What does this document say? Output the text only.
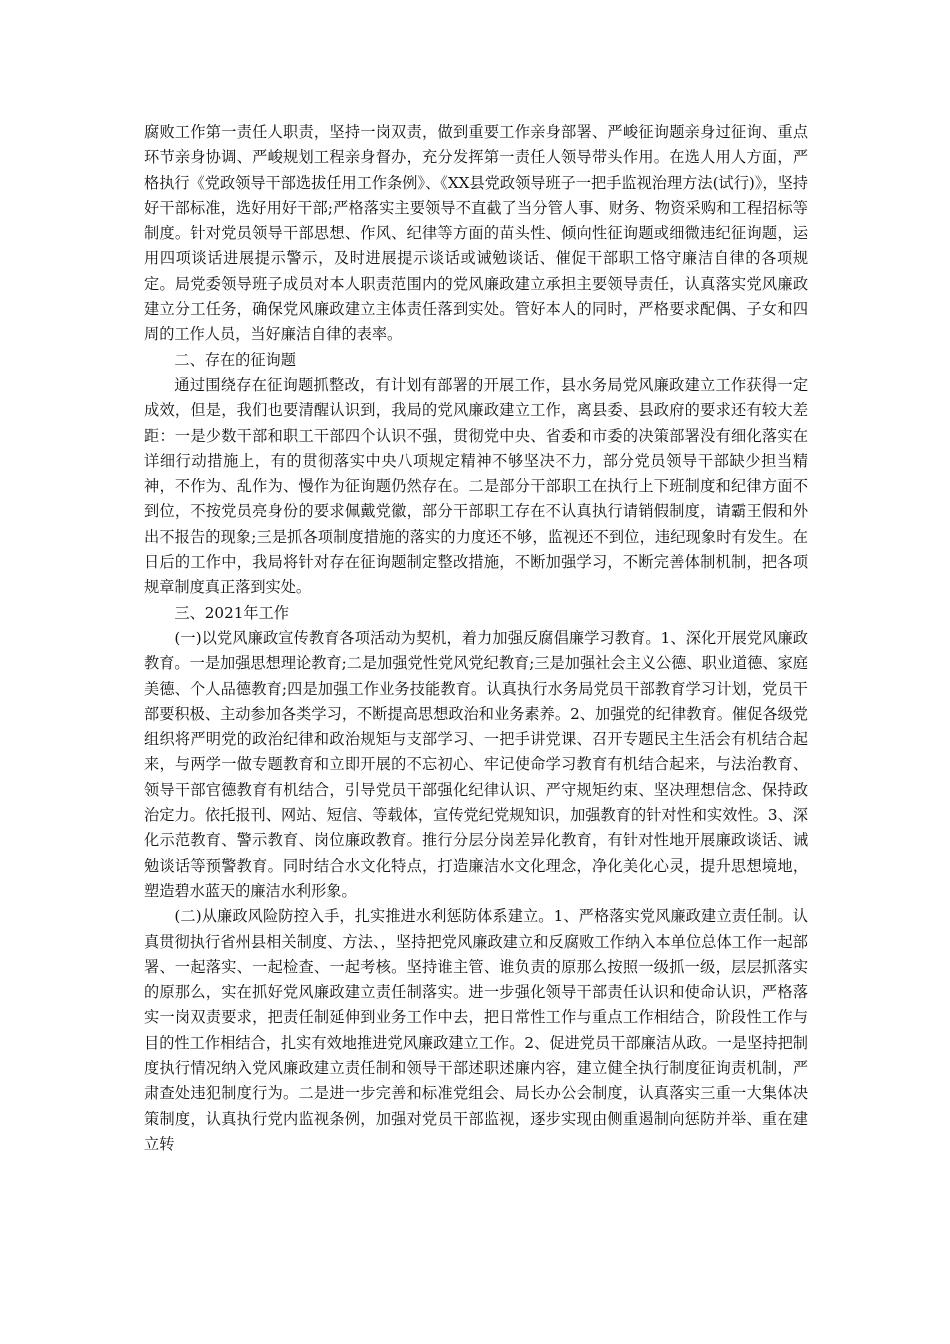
腐败工作第一责任人职责，坚持一岗双责，做到重要工作亲身部署、严峻征询题亲身过征询、重点环节亲身协调、严峻规划工程亲身督办，充分发挥第一责任人领导带头作用。在选人用人方面，严格执行《党政领导干部选拔任用工作条例》、《XX县党政领导班子一把手监视治理方法(试行)》，坚持好干部标准，选好用好干部;严格落实主要领导不直截了当分管人事、财务、物资采购和工程招标等制度。针对党员领导干部思想、作风、纪律等方面的苗头性、倾向性征询题或细微违纪征询题，运用四项谈话进展提示警示，及时进展提示谈话或诫勉谈话、催促干部职工恪守廉洁自律的各项规定。局党委领导班子成员对本人职责范围内的党风廉政建立承担主要领导责任，认真落实党风廉政建立分工任务，确保党风廉政建立主体责任落到实处。管好本人的同时，严格要求配偶、子女和四周的工作人员，当好廉洁自律的表率。

二、存在的征询题

通过围绕存在征询题抓整改，有计划有部署的开展工作，县水务局党风廉政建立工作获得一定成效，但是，我们也要清醒认识到，我局的党风廉政建立工作，离县委、县政府的要求还有较大差距：一是少数干部和职工干部四个认识不强，贯彻党中央、省委和市委的决策部署没有细化落实在详细行动措施上，有的贯彻落实中央八项规定精神不够坚决不力，部分党员领导干部缺少担当精神，不作为、乱作为、慢作为征询题仍然存在。二是部分干部职工在执行上下班制度和纪律方面不到位，不按党员亮身份的要求佩戴党徽，部分干部职工存在不认真执行请销假制度，请霸王假和外出不报告的现象;三是抓各项制度措施的落实的力度还不够，监视还不到位，违纪现象时有发生。在日后的工作中，我局将针对存在征询题制定整改措施，不断加强学习，不断完善体制机制，把各项规章制度真正落到实处。

三、2021年工作

(一)以党风廉政宣传教育各项活动为契机，着力加强反腐倡廉学习教育。1、深化开展党风廉政教育。一是加强思想理论教育;二是加强党性党风党纪教育;三是加强社会主义公德、职业道德、家庭美德、个人品德教育;四是加强工作业务技能教育。认真执行水务局党员干部教育学习计划，党员干部要积极、主动参加各类学习，不断提高思想政治和业务素养。2、加强党的纪律教育。催促各级党组织将严明党的政治纪律和政治规矩与支部学习、一把手讲党课、召开专题民主生活会有机结合起来，与两学一做专题教育和立即开展的不忘初心、牢记使命学习教育有机结合起来，与法治教育、领导干部官德教育有机结合，引导党员干部强化纪律认识、严守规矩约束、坚决理想信念、保持政治定力。依托报刊、网站、短信、等载体，宣传党纪党规知识，加强教育的针对性和实效性。3、深化示范教育、警示教育、岗位廉政教育。推行分层分岗差异化教育，有针对性地开展廉政谈话、诫勉谈话等预警教育。同时结合水文化特点，打造廉洁水文化理念，净化美化心灵，提升思想境地，塑造碧水蓝天的廉洁水利形象。

(二)从廉政风险防控入手，扎实推进水利惩防体系建立。1、严格落实党风廉政建立责任制。认真贯彻执行省州县相关制度、方法、，坚持把党风廉政建立和反腐败工作纳入本单位总体工作一起部署、一起落实、一起检查、一起考核。坚持谁主管、谁负责的原那么按照一级抓一级，层层抓落实的原那么，实在抓好党风廉政建立责任制落实。进一步强化领导干部责任认识和使命认识，严格落实一岗双责要求，把责任制延伸到业务工作中去，把日常性工作与重点工作相结合，阶段性工作与目的性工作相结合，扎实有效地推进党风廉政建立工作。2、促进党员干部廉洁从政。一是坚持把制度执行情况纳入党风廉政建立责任制和领导干部述职述廉内容，建立健全执行制度征询责机制，严肃查处违犯制度行为。二是进一步完善和标准党组会、局长办公会制度，认真落实三重一大集体决策制度，认真执行党内监视条例，加强对党员干部监视，逐步实现由侧重遏制向惩防并举、重在建立转
